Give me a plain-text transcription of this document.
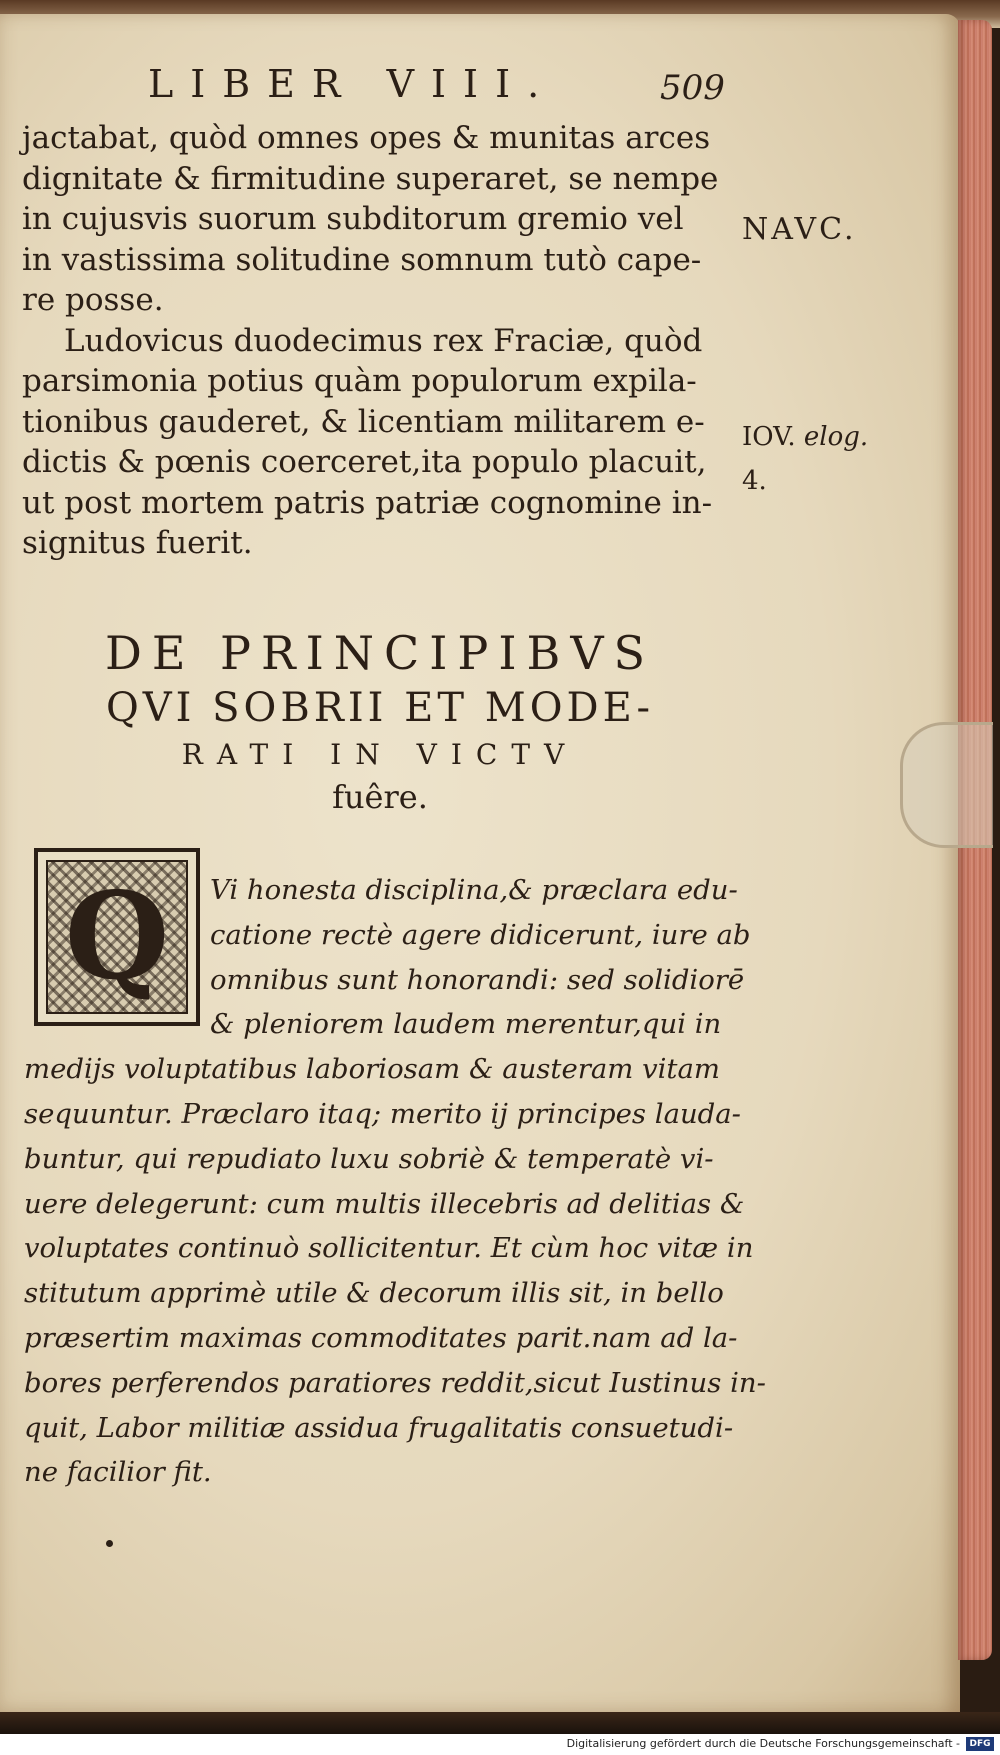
LIBER VIII.	509
jactabat, quòd omnes opes & munitas arces
dignitate & firmitudine superaret, se nempe
in cujusvis suorum subditorum gremio vel
in vastissima solitudine somnum tutò cape-
re posse.
Ludovicus duodecimus rex Fraciæ, quòd
parsimonia potius quàm populorum expila-
tionibus gauderet, & licentiam militarem e-
dictis & pœnis coerceret,ita populo placuit,
ut post mortem patris patriæ cognomine in-
signitus fuerit.
NAVC.
IOV. elog.
4.
DE PRINCIPIBVS
QVI SOBRII ET MODE-
RATI IN VICTV
fuêre.
Q	Vi honesta disciplina,& præclara edu-
catione rectè agere didicerunt, iure ab
omnibus sunt honorandi: sed solidiorē
& pleniorem laudem merentur,qui in
medijs voluptatibus laboriosam & austeram vitam
sequuntur. Præclaro itaq; merito ij principes lauda-
buntur, qui repudiato luxu sobriè & temperatè vi-
uere delegerunt: cum multis illecebris ad delitias &
voluptates continuò sollicitentur. Et cùm hoc vitæ in
stitutum apprimè utile & decorum illis sit, in bello
præsertim maximas commoditates parit.nam ad la-
bores perferendos paratiores reddit,sicut Iustinus in-
quit, Labor militiæ assidua frugalitatis consuetudi-
ne facilior fit.
Digitalisierung gefördert durch die Deutsche Forschungsgemeinschaft -	DFG
